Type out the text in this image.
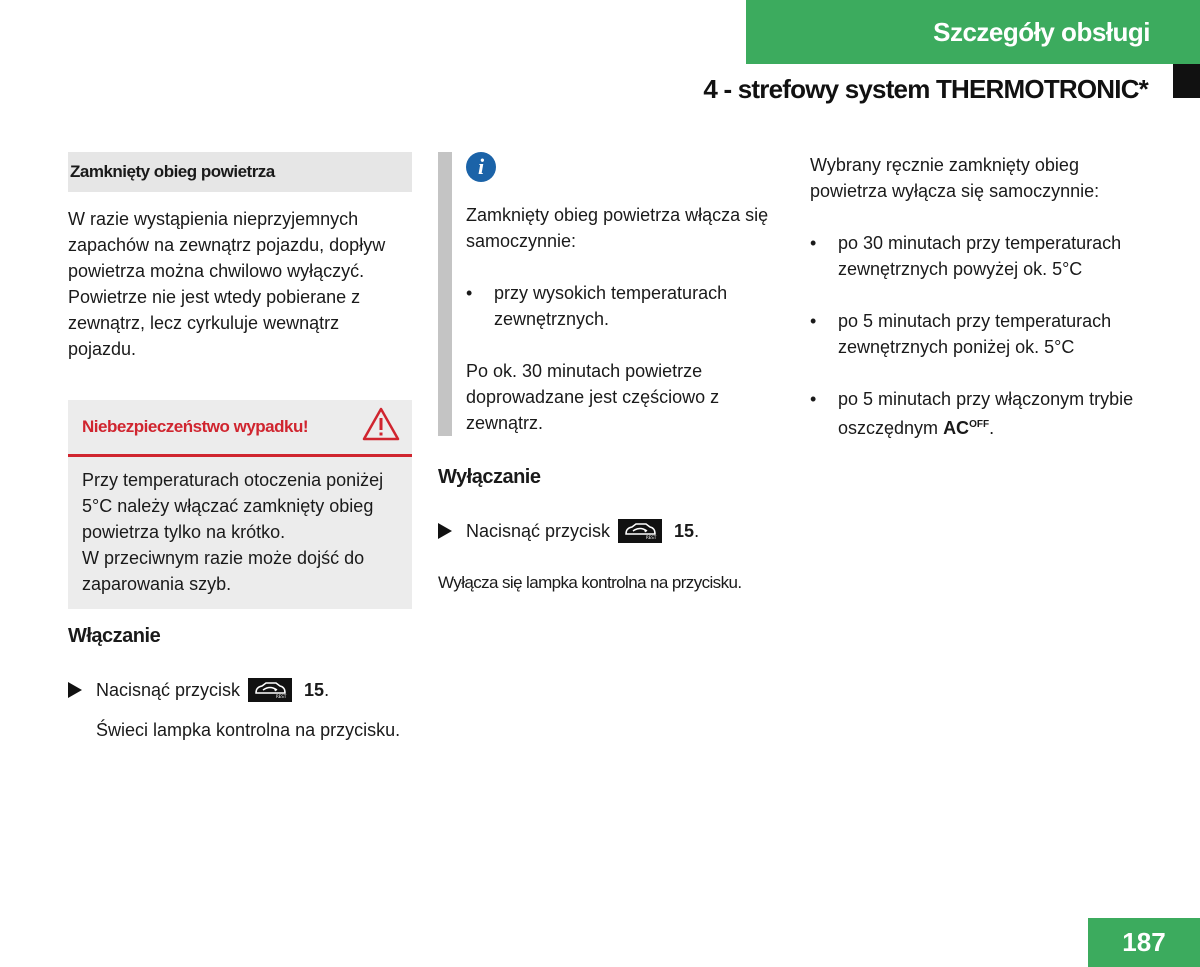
Szczegóły obsługi
4 - strefowy system THERMOTRONIC*
Zamknięty obieg powietrza

W razie wystąpienia nieprzyjemnych zapachów na zewnątrz pojazdu, dopływ powietrza można chwilowo wyłączyć. Powietrze nie jest wtedy pobierane z zewnątrz, lecz cyrkuluje wewnątrz pojazdu.

Niebezpieczeństwo wypadku!

Przy temperaturach otoczenia poniżej 5°C należy włączać zamknięty obieg powietrza tylko na krótko.

W przeciwnym razie może dojść do zaparowania szyb.

Włączanie
Nacisnąć przycisk	REST 15 .

Świeci lampka kontrolna na przycisku.

i

Zamknięty obieg powietrza włącza się samoczynnie:

• przy wysokich temperaturach zewnętrznych.

Po ok. 30 minutach powietrze doprowadzane jest częściowo z zewnątrz.

Wyłączanie
Nacisnąć przycisk	REST 15 .

Wyłącza się lampka kontrolna na przycisku.

Wybrany ręcznie zamknięty obieg powietrza wyłącza się samoczynnie:

• po 30 minutach przy temperaturach zewnętrznych powyżej ok. 5°C
• po 5 minutach przy temperaturach zewnętrznych poniżej ok. 5°C
• po 5 minutach przy włączonym trybie oszczędnym $AC^{OFF}$.
187
